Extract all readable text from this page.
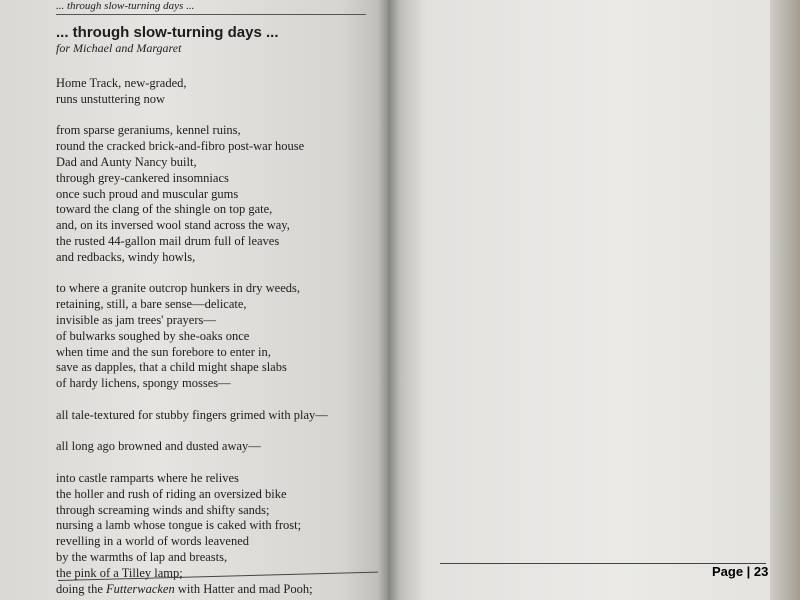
... through slow-turning days ...
... through slow-turning days ...
for Michael and Margaret
Home Track, new-graded,
runs unstuttering now
from sparse geraniums, kennel ruins,
round the cracked brick-and-fibro post-war house
Dad and Aunty Nancy built,
through grey-cankered insomniacs
once such proud and muscular gums
toward the clang of the shingle on top gate,
and, on its inversed wool stand across the way,
the rusted 44-gallon mail drum full of leaves
and redbacks, windy howls,
to where a granite outcrop hunkers in dry weeds,
retaining, still, a bare sense—delicate,
invisible as jam trees' prayers—
of bulwarks soughed by she-oaks once
when time and the sun forebore to enter in,
save as dapples, that a child might shape slabs
of hardy lichens, spongy mosses—
all tale-textured for stubby fingers grimed with play—
all long ago browned and dusted away—
into castle ramparts where he relives
the holler and rush of riding an oversized bike
through screaming winds and shifty sands;
nursing a lamb whose tongue is caked with frost;
revelling in a world of words leavened
by the warmths of lap and breasts,
the pink of a Tilley lamp;
doing the Futterwacken with Hatter and mad Pooh;
Page | 23
